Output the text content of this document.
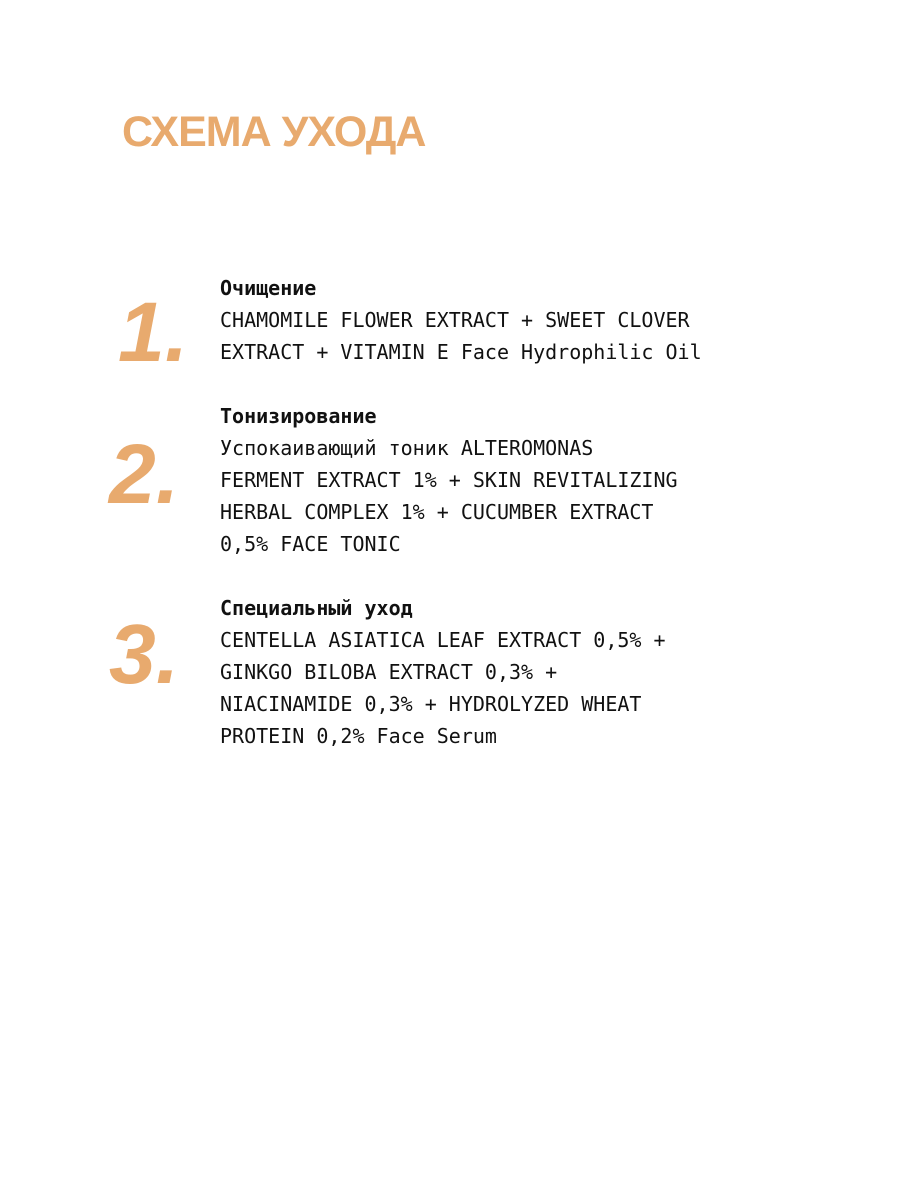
СХЕМА УХОДА
1. Очищение
CHAMOMILE FLOWER EXTRACT + SWEET CLOVER
EXTRACT + VITAMIN E Face Hydrophilic Oil
2.
Тонизирование
Успокаивающий тоник ALTEROMONAS
FERMENT EXTRACT 1% + SKIN REVITALIZING
HERBAL COMPLEX 1% + CUCUMBER EXTRACT
0,5% FACE TONIC
3. Специальный уход
CENTELLA ASIATICA LEAF EXTRACT 0,5% +
GINKGO BILOBA EXTRACT 0,3% +
NIACINAMIDE 0,3% + HYDROLYZED WHEAT
PROTEIN 0,2% Face Serum
